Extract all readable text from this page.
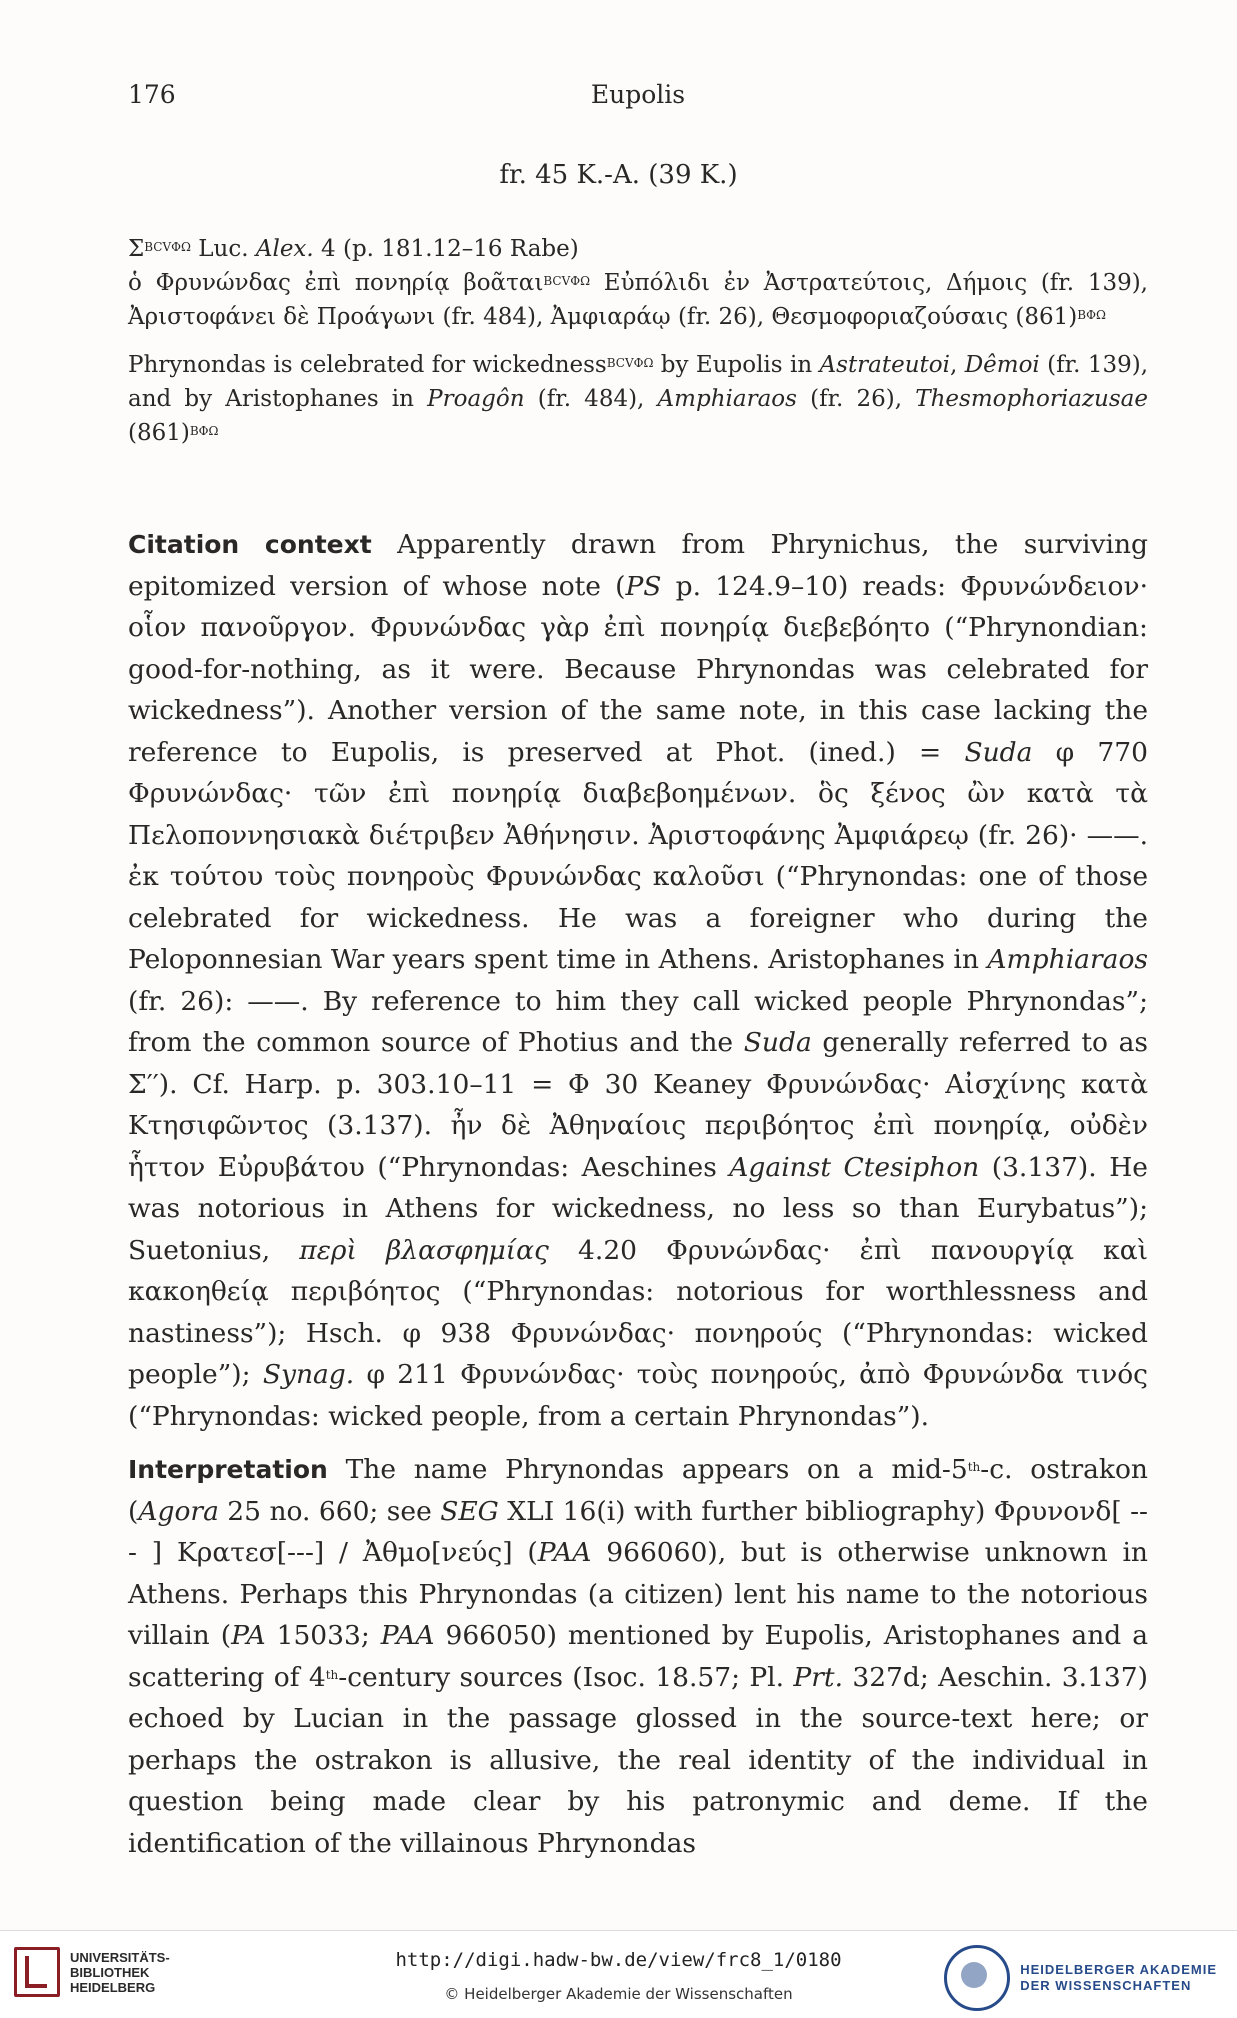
176	Eupolis
fr. 45 K.-A. (39 K.)

$\Sigma^{BCV\Phi\Omega}$ Luc. Alex. 4 (p. 181.12–16 Rabe)

ὁ Φρυνώνδας ἐπὶ πονηρίᾳ βοᾶται$^{BCV\Phi\Omega}$ Εὐπόλιδι ἐν Ἀστρατεύτοις, Δήμοις (fr. 139), Ἀριστοφάνει δὲ Προάγωνι (fr. 484), Ἀμφιαράῳ (fr. 26), Θεσμοφοριαζούσαις $(861)^{B\Phi\Omega}$

Phrynondas is celebrated for wickedness$^{BCV\Phi\Omega}$ by Eupolis in Astrateutoi, Dêmoi (fr. 139), and by Aristophanes in Proagôn (fr. 484), Amphiaraos (fr. 26), Thesmophoriazusae $(861)^{B\Phi\Omega}$

Citation context Apparently drawn from Phrynichus, the surviving epitomized version of whose note (PS p. 124.9–10) reads: Φρυνώνδειον· οἷον πανοῦργον. Φρυνώνδας γὰρ ἐπὶ πονηρίᾳ διεβεβόητο (“Phrynondian: good-for-nothing, as it were. Because Phrynondas was celebrated for wickedness”). Another version of the same note, in this case lacking the reference to Eupolis, is preserved at Phot. (ined.) = Suda φ 770 Φρυνώνδας· τῶν ἐπὶ πονηρίᾳ διαβεβοημένων. ὃς ξένος ὢν κατὰ τὰ Πελοποννησιακὰ διέτριβεν Ἀθήνησιν. Ἀριστοφάνης Ἀμφιάρεῳ (fr. 26)· ——. ἐκ τούτου τοὺς πονηροὺς Φρυνώνδας καλοῦσι (“Phrynondas: one of those celebrated for wickedness. He was a foreigner who during the Peloponnesian War years spent time in Athens. Aristophanes in Amphiaraos (fr. 26): ——. By reference to him they call wicked people Phrynondas”; from the common source of Photius and the Suda generally referred to as Σ′′). Cf. Harp. p. 303.10–11 = Φ 30 Keaney Φρυνώνδας· Αἰσχίνης κατὰ Κτησιφῶντος (3.137). ἦν δὲ Ἀθηναίοις περιβόητος ἐπὶ πονηρίᾳ, οὐδὲν ἧττον Εὐρυβάτου (“Phrynondas: Aeschines Against Ctesiphon (3.137). He was notorious in Athens for wickedness, no less so than Eurybatus”); Suetonius, περὶ βλασφημίας 4.20 Φρυνώνδας· ἐπὶ πανουργίᾳ καὶ κακοηθείᾳ περιβόητος (“Phrynondas: notorious for worthlessness and nastiness”); Hsch. φ 938 Φρυνώνδας· πονηρούς (“Phrynondas: wicked people”); Synag. φ 211 Φρυνώνδας· τοὺς πονηρούς, ἀπὸ Φρυνώνδα τινός (“Phrynondas: wicked people, from a certain Phrynondas”).

Interpretation The name Phrynondas appears on a mid-5th-c. ostrakon (Agora 25 no. 660; see SEG XLI 16(i) with further bibliography) Φρυνονδ[ --- ] Κρατεσ[---] / Ἀθμο[νεύς] (PAA 966060), but is otherwise unknown in Athens. Perhaps this Phrynondas (a citizen) lent his name to the notorious villain (PA 15033; PAA 966050) mentioned by Eupolis, Aristophanes and a scattering of 4th-century sources (Isoc. 18.57; Pl. Prt. 327d; Aeschin. 3.137) echoed by Lucian in the passage glossed in the source-text here; or perhaps the ostrakon is allusive, the real identity of the individual in question being made clear by his patronymic and deme. If the identification of the villainous Phrynondas

UNIVERSITÄTS-
BIBLIOTHEK
HEIDELBERG
http://digi.hadw-bw.de/view/frc8_1/0180
© Heidelberger Akademie der Wissenschaften
HEIDELBERGER AKADEMIE
DER WISSENSCHAFTEN
